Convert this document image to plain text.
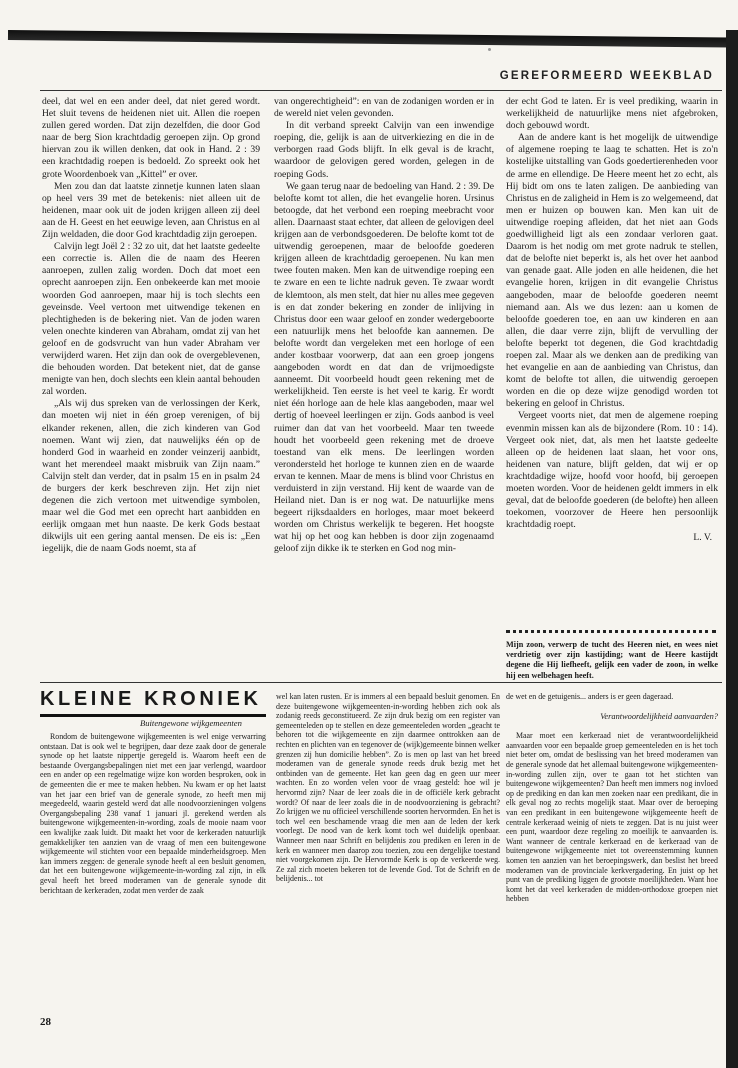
GEREFORMEERD WEEKBLAD

deel, dat wel en een ander deel, dat niet gered wordt. Het sluit tevens de heidenen niet uit. Allen die roepen zullen gered worden. Dat zijn dezelfden, die door God naar de berg Sion krachtdadig geroepen zijn. Op grond hiervan zou ik willen denken, dat ook in Hand. 2 : 39 een krachtdadig roepen is bedoeld. Zo spreekt ook het grote Woordenboek van „Kittel” er over.

Men zou dan dat laatste zinnetje kunnen laten slaan op heel vers 39 met de betekenis: niet alleen uit de heidenen, maar ook uit de joden krijgen alleen zij deel aan de H. Geest en het eeuwige leven, aan Christus en al Zijn weldaden, die door God krachtdadig zijn geroepen.

Calvijn legt Joël 2 : 32 zo uit, dat het laatste gedeelte een correctie is. Allen die de naam des Heeren aanroepen, zullen zalig worden. Doch dat moet een oprecht aanroepen zijn. Een onbekeerde kan met mooie woorden God aanroepen, maar hij is toch slechts een geveinsde. Veel vertoon met uitwendige tekenen en plechtigheden is de bekering niet. Van de joden waren velen onechte kinderen van Abraham, omdat zij van het geloof en de godsvrucht van hun vader Abraham ver verwijderd waren. Het zijn dan ook de overgeblevenen, die behouden worden. Dat betekent niet, dat de ganse menigte van hen, doch slechts een klein aantal behouden zal worden.

„Als wij dus spreken van de verlossingen der Kerk, dan moeten wij niet in één groep verenigen, of bij elkander rekenen, allen, die zich kinderen van God noemen. Want wij zien, dat nauwelijks één op de honderd God in waarheid en zonder veinzerij aanbidt, want het merendeel maakt misbruik van Zijn naam.” Calvijn stelt dan verder, dat in psalm 15 en in psalm 24 de burgers der kerk beschreven zijn. Het zijn niet degenen die zich vertoon met uitwendige symbolen, maar wel die God met een oprecht hart aanbidden en eerlijk omgaan met hun naaste. De kerk Gods bestaat dikwijls uit een gering aantal mensen. De eis is: „Een iegelijk, die de naam Gods noemt, sta af

van ongerechtigheid”: en van de zodanigen worden er in de wereld niet velen gevonden.

In dit verband spreekt Calvijn van een inwendige roeping, die, gelijk is aan de uitverkiezing en die in de verborgen raad Gods blijft. In elk geval is de kracht, waardoor de gelovigen gered worden, gelegen in de roeping Gods.

We gaan terug naar de bedoeling van Hand. 2 : 39. De belofte komt tot allen, die het evangelie horen. Ursinus betoogde, dat het verbond een roeping meebracht voor allen. Daarnaast staat echter, dat alleen de gelovigen deel krijgen aan de verbondsgoederen. De belofte komt tot de uitwendig geroepenen, maar de beloofde goederen krijgen alleen de krachtdadig geroepenen. Nu kan men twee fouten maken. Men kan de uitwendige roeping een te zware en een te lichte nadruk geven. Te zwaar wordt de klemtoon, als men stelt, dat hier nu alles mee gegeven is en dat zonder bekering en zonder de inlijving in Christus door een waar geloof en zonder wedergeboorte een natuurlijk mens het beloofde kan aannemen. De belofte wordt dan vergeleken met een horloge of een ander kostbaar voorwerp, dat aan een groep jongens aangeboden wordt en dat dan de vrijmoedigste aanneemt. Dit voorbeeld houdt geen rekening met de werkelijkheid. Ten eerste is het veel te karig. Er wordt niet één horloge aan de hele klas aangeboden, maar wel dertig of hoeveel leerlingen er zijn. Gods aanbod is veel ruimer dan dat van het voorbeeld. Maar ten tweede houdt het voorbeeld geen rekening met de droeve toestand van elk mens. De leerlingen worden verondersteld het horloge te kunnen zien en de waarde ervan te kennen. Maar de mens is blind voor Christus en verduisterd in zijn verstand. Hij kent de waarde van de Heiland niet. Dan is er nog wat. De natuurlijke mens begeert rijksdaalders en horloges, maar moet bekeerd worden om Christus werkelijk te begeren. Het hoogste wat hij op het oog kan hebben is door zijn zogenaamd geloof zijn dikke ik te sterken en God nog min-

der echt God te laten. Er is veel prediking, waarin in werkelijkheid de natuurlijke mens niet afgebroken, doch gebouwd wordt.

Aan de andere kant is het mogelijk de uitwendige of algemene roeping te laag te schatten. Het is zo'n kostelijke uitstalling van Gods goedertierenheden voor de arme en ellendige. De Heere meent het zo echt, als Hij bidt om ons te laten zaligen. De aanbieding van Christus en de zaligheid in Hem is zo welgemeend, dat men er huizen op bouwen kan. Men kan uit de uitwendige roeping afleiden, dat het niet aan Gods goedwilligheid ligt als een zondaar verloren gaat. Daarom is het nodig om met grote nadruk te stellen, dat de belofte niet beperkt is, als het over het aanbod van genade gaat. Alle joden en alle heidenen, die het evangelie horen, krijgen in dit evangelie Christus aangeboden, maar de beloofde goederen neemt niemand aan. Als we dus lezen: aan u komen de beloofde goederen toe, en aan uw kinderen en aan allen, die daar verre zijn, blijft de vervulling der belofte beperkt tot degenen, die God krachtdadig roepen zal. Maar als we denken aan de prediking van het evangelie en aan de aanbieding van Christus, dan komt de belofte tot allen, die uitwendig geroepen worden en die op deze wijze genodigd worden tot bekering en geloof in Christus.

Vergeet voorts niet, dat men de algemene roeping evenmin missen kan als de bijzondere (Rom. 10 : 14). Vergeet ook niet, dat, als men het laatste gedeelte alleen op de heidenen laat slaan, het voor ons, heidenen van nature, blijft gelden, dat wij er op krachtdadige wijze, hoofd voor hoofd, bij geroepen moeten worden. Voor de heidenen geldt immers in elk geval, dat de beloofde goederen (de belofte) hen alleen toekomen, voorzover de Heere hen persoonlijk krachtdadig roept.

L. V.

Mijn zoon, verwerp de tucht des Heeren niet, en wees niet verdrietig over zijn kastijding; want de Heere kastijdt degene die Hij liefheeft, gelijk een vader de zoon, in welke hij een welbehagen heeft.

KLEINE KRONIEK
Buitengewone wijkgemeenten

Rondom de buitengewone wijkgemeenten is wel enige verwarring ontstaan. Dat is ook wel te begrijpen, daar deze zaak door de generale synode op het laatste nippertje geregeld is. Waarom heeft een de bestaande Overgangsbepalingen niet met een jaar verlengd, waardoor een en ander op een regelmatige wijze kon worden besproken, ook in de gemeenten die er mee te maken hebben. Nu kwam er op het laatst van het jaar een brief van de generale synode, zo heeft men mij meegedeeld, waarin gesteld werd dat alle noodvoorzieningen volgens Overgangsbepaling 238 vanaf 1 januari jl. gerekend werden als buitengewone wijkgemeenten-in-wording, zoals de mooie naam voor een kwalijke zaak luidt. Dit maakt het voor de kerkeraden natuurlijk gemakkelijker ten aanzien van de vraag of men een buitengewone wijkgemeente wil stichten voor een bepaalde minderheidsgroep. Men kan immers zeggen: de generale synode heeft al een besluit genomen, dat het een buitengewone wijkgemeente-in-wording zal zijn, in elk geval heeft het breed moderamen van de generale synode dit berichtaan de kerkeraden, zodat men verder de zaak

wel kan laten rusten. Er is immers al een bepaald besluit genomen. En deze buitengewone wijkgemeenten-in-wording hebben zich ook als zodanig reeds geconstitueerd. Ze zijn druk bezig om een register van gemeenteleden op te stellen en deze gemeenteleden worden „geacht te behoren tot die wijkgemeente en zijn daarmee onttrokken aan de rechten en plichten van en tegenover de (wijk)gemeente binnen welker grenzen zij hun domicilie hebben”. Zo is men op last van het breed moderamen van de generale synode reeds druk bezig met het ontbinden van de gemeente. Het kan geen dag en geen uur meer wachten. En zo worden velen voor de vraag gesteld: hoe wil je hervormd zijn? Naar de leer zoals die in de officiële kerk gebracht wordt? Of naar de leer zoals die in de noodvoorziening is gebracht? Zo krijgen we nu officieel verschillende soorten hervormden. En het is toch wel een beschamende vraag die men aan de leden der kerk voorlegt. De nood van de kerk komt toch wel duidelijk openbaar. Wanneer men naar Schrift en belijdenis zou prediken en leren in de kerk en wanneer men daarop zou toezien, zou een dergelijke toestand niet voorgekomen zijn. De Hervormde Kerk is op de verkeerde weg. Ze zal zich moeten bekeren tot de levende God. Tot de Schrift en de belijdenis... tot

de wet en de getuigenis... anders is er geen dageraad.

Verantwoordelijkheid aanvaarden?

Maar moet een kerkeraad niet de verantwoordelijkheid aanvaarden voor een bepaalde groep gemeenteleden en is het toch niet beter om, omdat de beslissing van het breed moderamen van de generale synode dat het allemaal buitengewone wijkgemeenten-in-wording zullen zijn, over te gaan tot het stichten van buitengewone wijkgemeenten? Dan heeft men immers nog invloed op de prediking en dan kan men zoeken naar een predikant, die in elk geval nog zo rechts mogelijk staat. Maar over de beroeping van een predikant in een buitengewone wijkgemeente heeft de centrale kerkeraad weinig of niets te zeggen. Dat is nu juist weer een punt, waardoor deze regeling zo moeilijk te aanvaarden is. Want wanneer de centrale kerkeraad en de kerkeraad van de buitengewone wijkgemeente niet tot overeenstemming kunnen komen ten aanzien van het beroepingswerk, dan beslist het breed moderamen van de provinciale kerkvergadering. En juist op het punt van de prediking liggen de grootste moeilijkheden. Want hoe komt het dat veel kerkeraden de midden-orthodoxe groepen niet hebben

28
